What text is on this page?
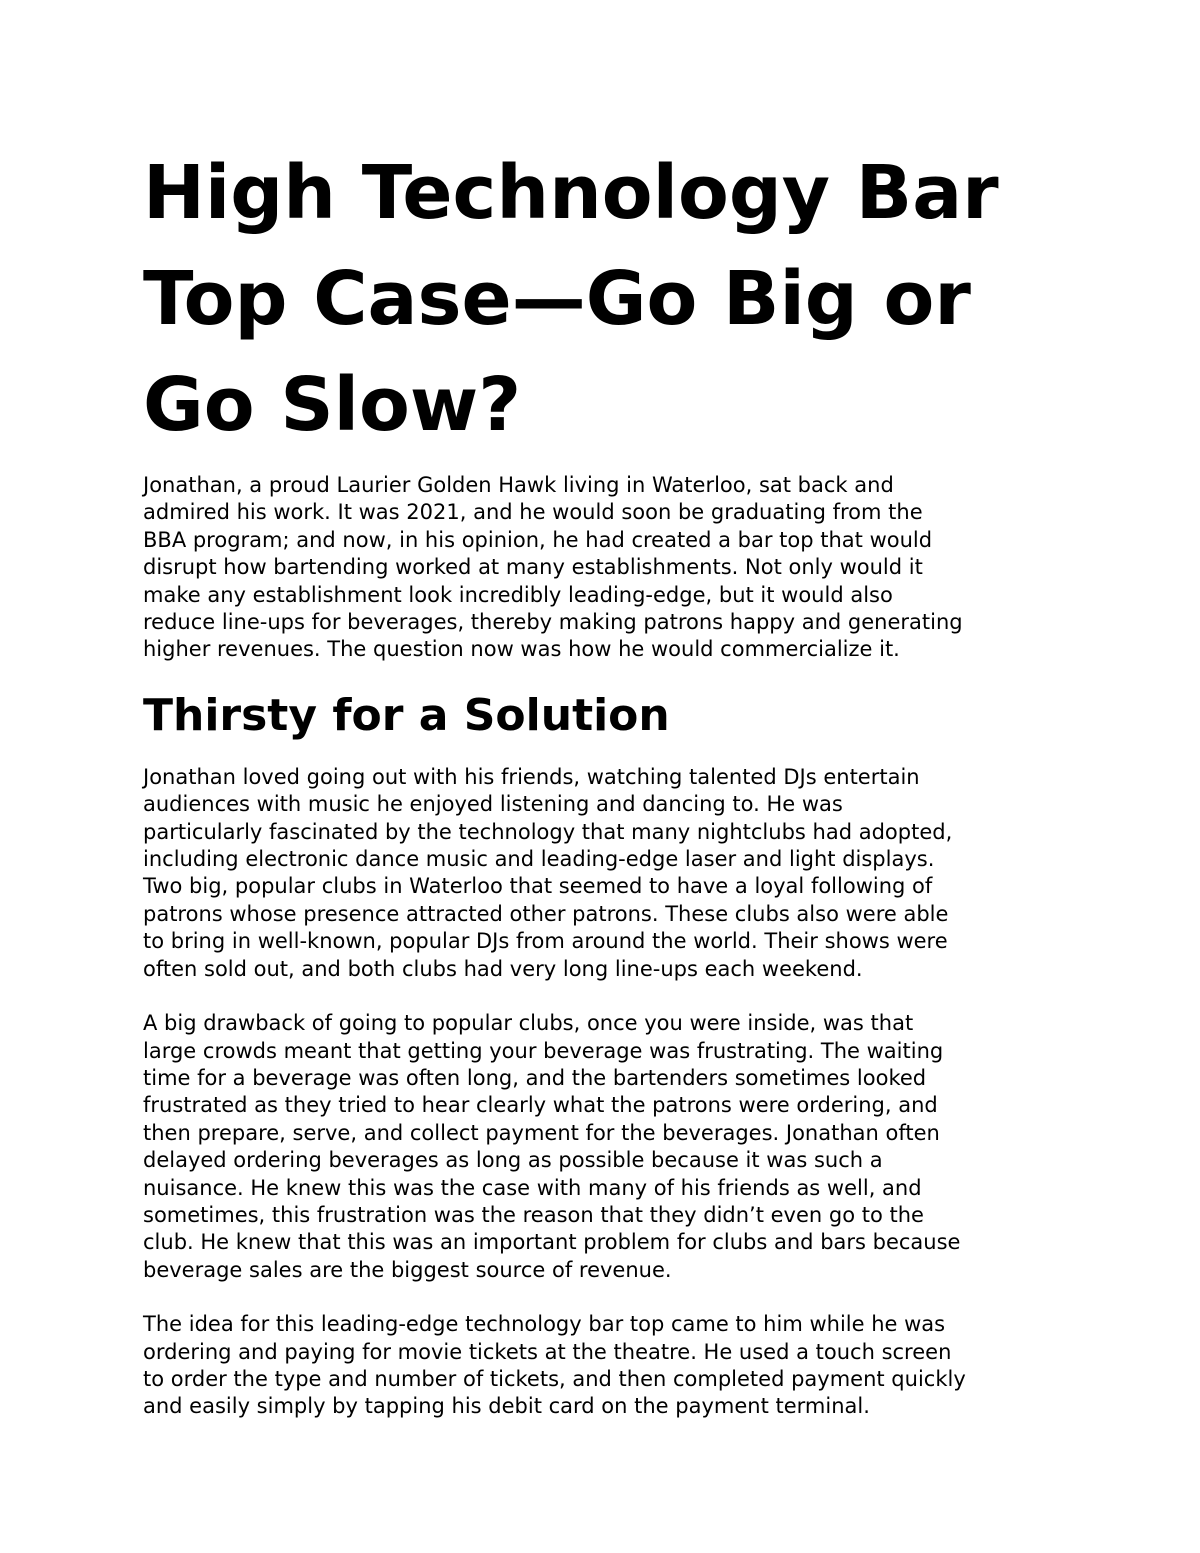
High Technology Bar
Top Case—Go Big or
Go Slow?

Jonathan, a proud Laurier Golden Hawk living in Waterloo, sat back and
admired his work. It was 2021, and he would soon be graduating from the
BBA program; and now, in his opinion, he had created a bar top that would
disrupt how bartending worked at many establishments. Not only would it
make any establishment look incredibly leading-edge, but it would also
reduce line-ups for beverages, thereby making patrons happy and generating
higher revenues. The question now was how he would commercialize it.

Thirsty for a Solution

Jonathan loved going out with his friends, watching talented DJs entertain
audiences with music he enjoyed listening and dancing to. He was
particularly fascinated by the technology that many nightclubs had adopted,
including electronic dance music and leading-edge laser and light displays.
Two big, popular clubs in Waterloo that seemed to have a loyal following of
patrons whose presence attracted other patrons. These clubs also were able
to bring in well-known, popular DJs from around the world. Their shows were
often sold out, and both clubs had very long line-ups each weekend.

A big drawback of going to popular clubs, once you were inside, was that
large crowds meant that getting your beverage was frustrating. The waiting
time for a beverage was often long, and the bartenders sometimes looked
frustrated as they tried to hear clearly what the patrons were ordering, and
then prepare, serve, and collect payment for the beverages. Jonathan often
delayed ordering beverages as long as possible because it was such a
nuisance. He knew this was the case with many of his friends as well, and
sometimes, this frustration was the reason that they didn’t even go to the
club. He knew that this was an important problem for clubs and bars because
beverage sales are the biggest source of revenue.

The idea for this leading-edge technology bar top came to him while he was
ordering and paying for movie tickets at the theatre. He used a touch screen
to order the type and number of tickets, and then completed payment quickly
and easily simply by tapping his debit card on the payment terminal.
